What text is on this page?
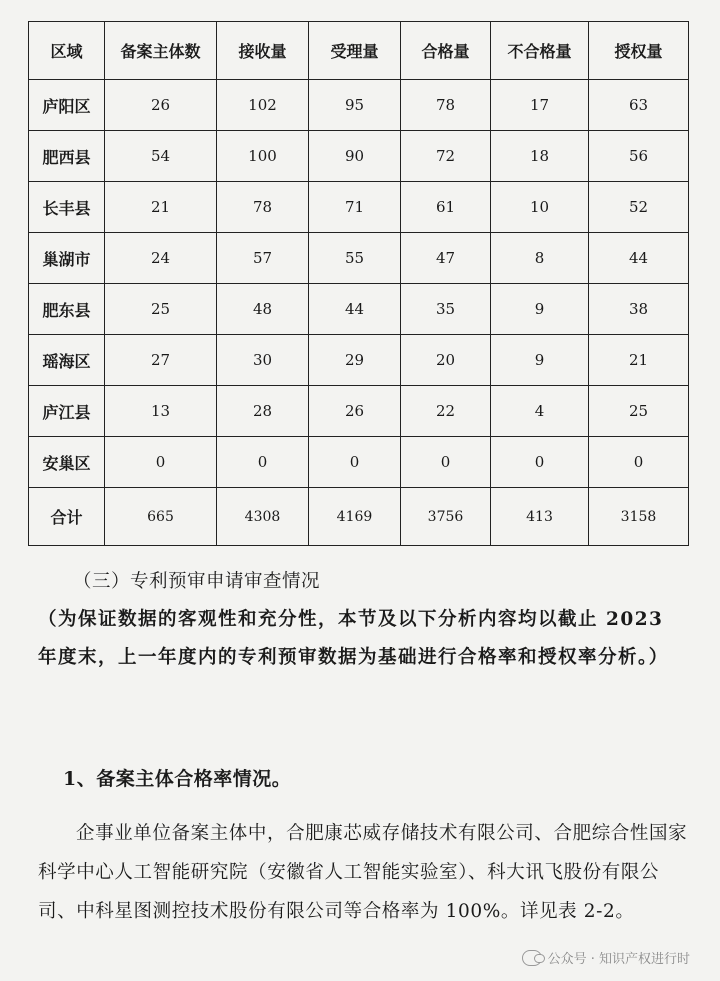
区域	备案主体数	接收量	受理量	合格量	不合格量	授权量
庐阳区	26	102	95	78	17	63
肥西县	54	100	90	72	18	56
长丰县	21	78	71	61	10	52
巢湖市	24	57	55	47	8	44
肥东县	25	48	44	35	9	38
瑶海区	27	30	29	20	9	21
庐江县	13	28	26	22	4	25
安巢区	0	0	0	0	0	0
合计	665	4308	4169	3756	413	3158
（三）专利预审申请审查情况
（为保证数据的客观性和充分性，本节及以下分析内容均以截止 2023 年度末，上一年度内的专利预审数据为基础进行合格率和授权率分析。）
1、备案主体合格率情况。
企事业单位备案主体中，合肥康芯威存储技术有限公司、合肥综合性国家科学中心人工智能研究院（安徽省人工智能实验室）、科大讯飞股份有限公司、中科星图测控技术股份有限公司等合格率为 100%。详见表 2-2。
公众号 · 知识产权进行时
